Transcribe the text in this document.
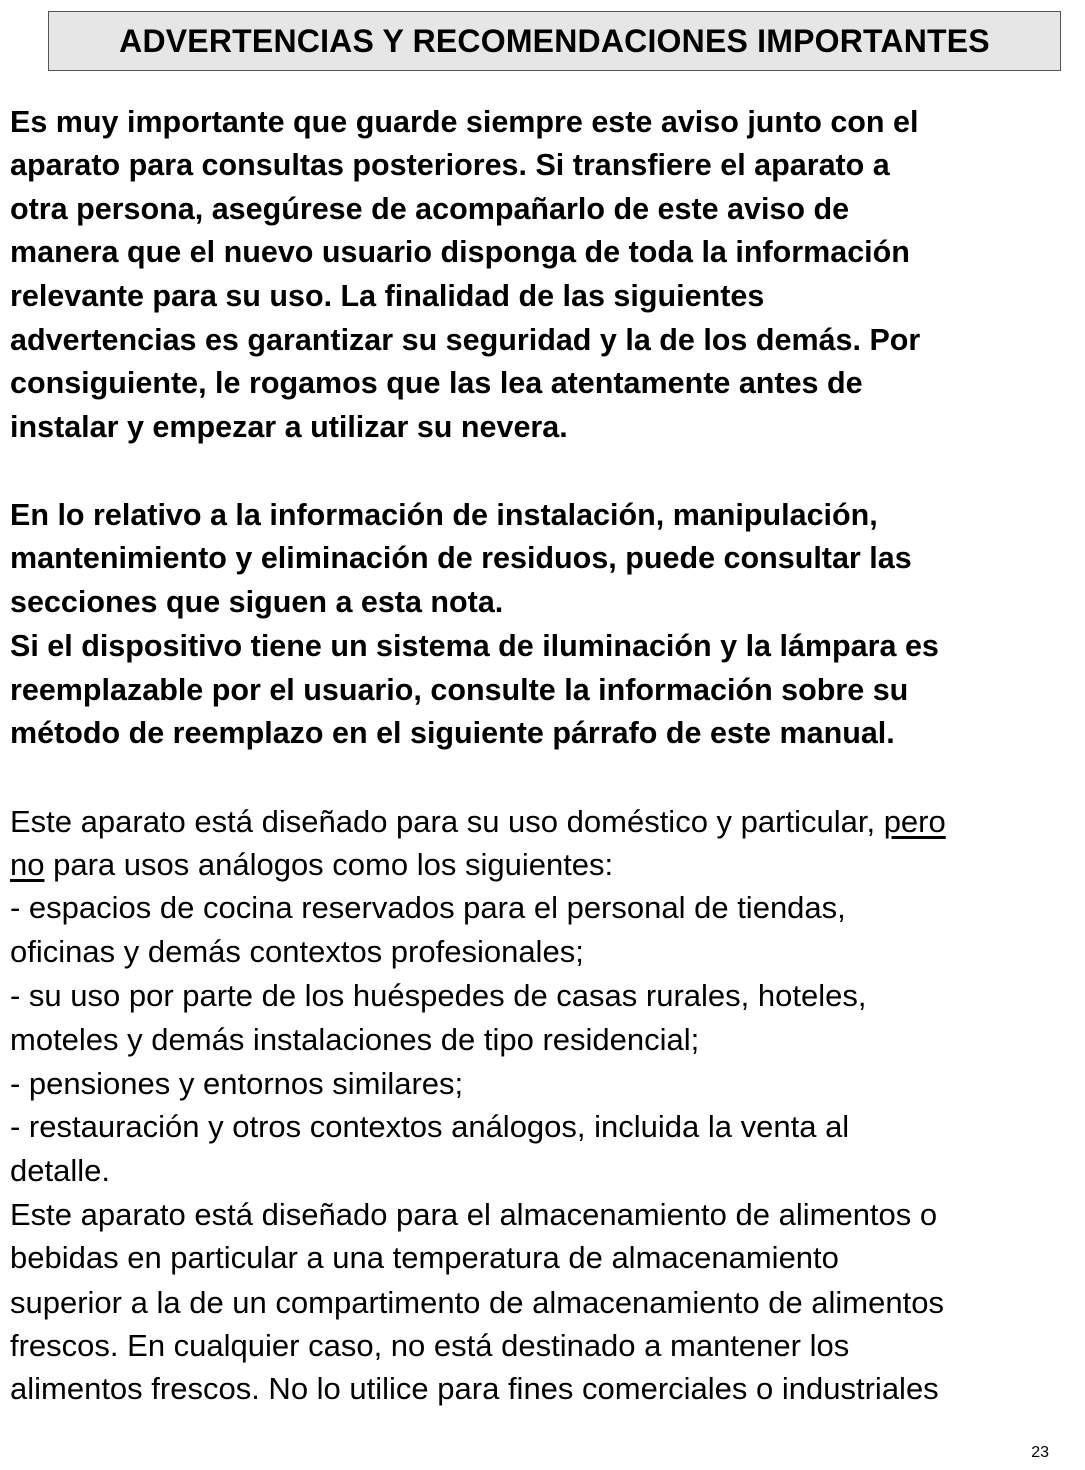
ADVERTENCIAS Y RECOMENDACIONES IMPORTANTES
Es muy importante que guarde siempre este aviso junto con el
aparato para consultas posteriores. Si transfiere el aparato a
otra persona, asegúrese de acompañarlo de este aviso de
manera que el nuevo usuario disponga de toda la información
relevante para su uso. La finalidad de las siguientes
advertencias es garantizar su seguridad y la de los demás. Por
consiguiente, le rogamos que las lea atentamente antes de
instalar y empezar a utilizar su nevera.
En lo relativo a la información de instalación, manipulación,
mantenimiento y eliminación de residuos, puede consultar las
secciones que siguen a esta nota.
Si el dispositivo tiene un sistema de iluminación y la lámpara es
reemplazable por el usuario, consulte la información sobre su
método de reemplazo en el siguiente párrafo de este manual.
Este aparato está diseñado para su uso doméstico y particular, pero
no para usos análogos como los siguientes:
- espacios de cocina reservados para el personal de tiendas,
oficinas y demás contextos profesionales;
- su uso por parte de los huéspedes de casas rurales, hoteles,
moteles y demás instalaciones de tipo residencial;
- pensiones y entornos similares;
- restauración y otros contextos análogos, incluida la venta al
detalle.
Este aparato está diseñado para el almacenamiento de alimentos o
bebidas en particular a una temperatura de almacenamiento
superior a la de un compartimento de almacenamiento de alimentos
frescos. En cualquier caso, no está destinado a mantener los
alimentos frescos. No lo utilice para fines comerciales o industriales
23
